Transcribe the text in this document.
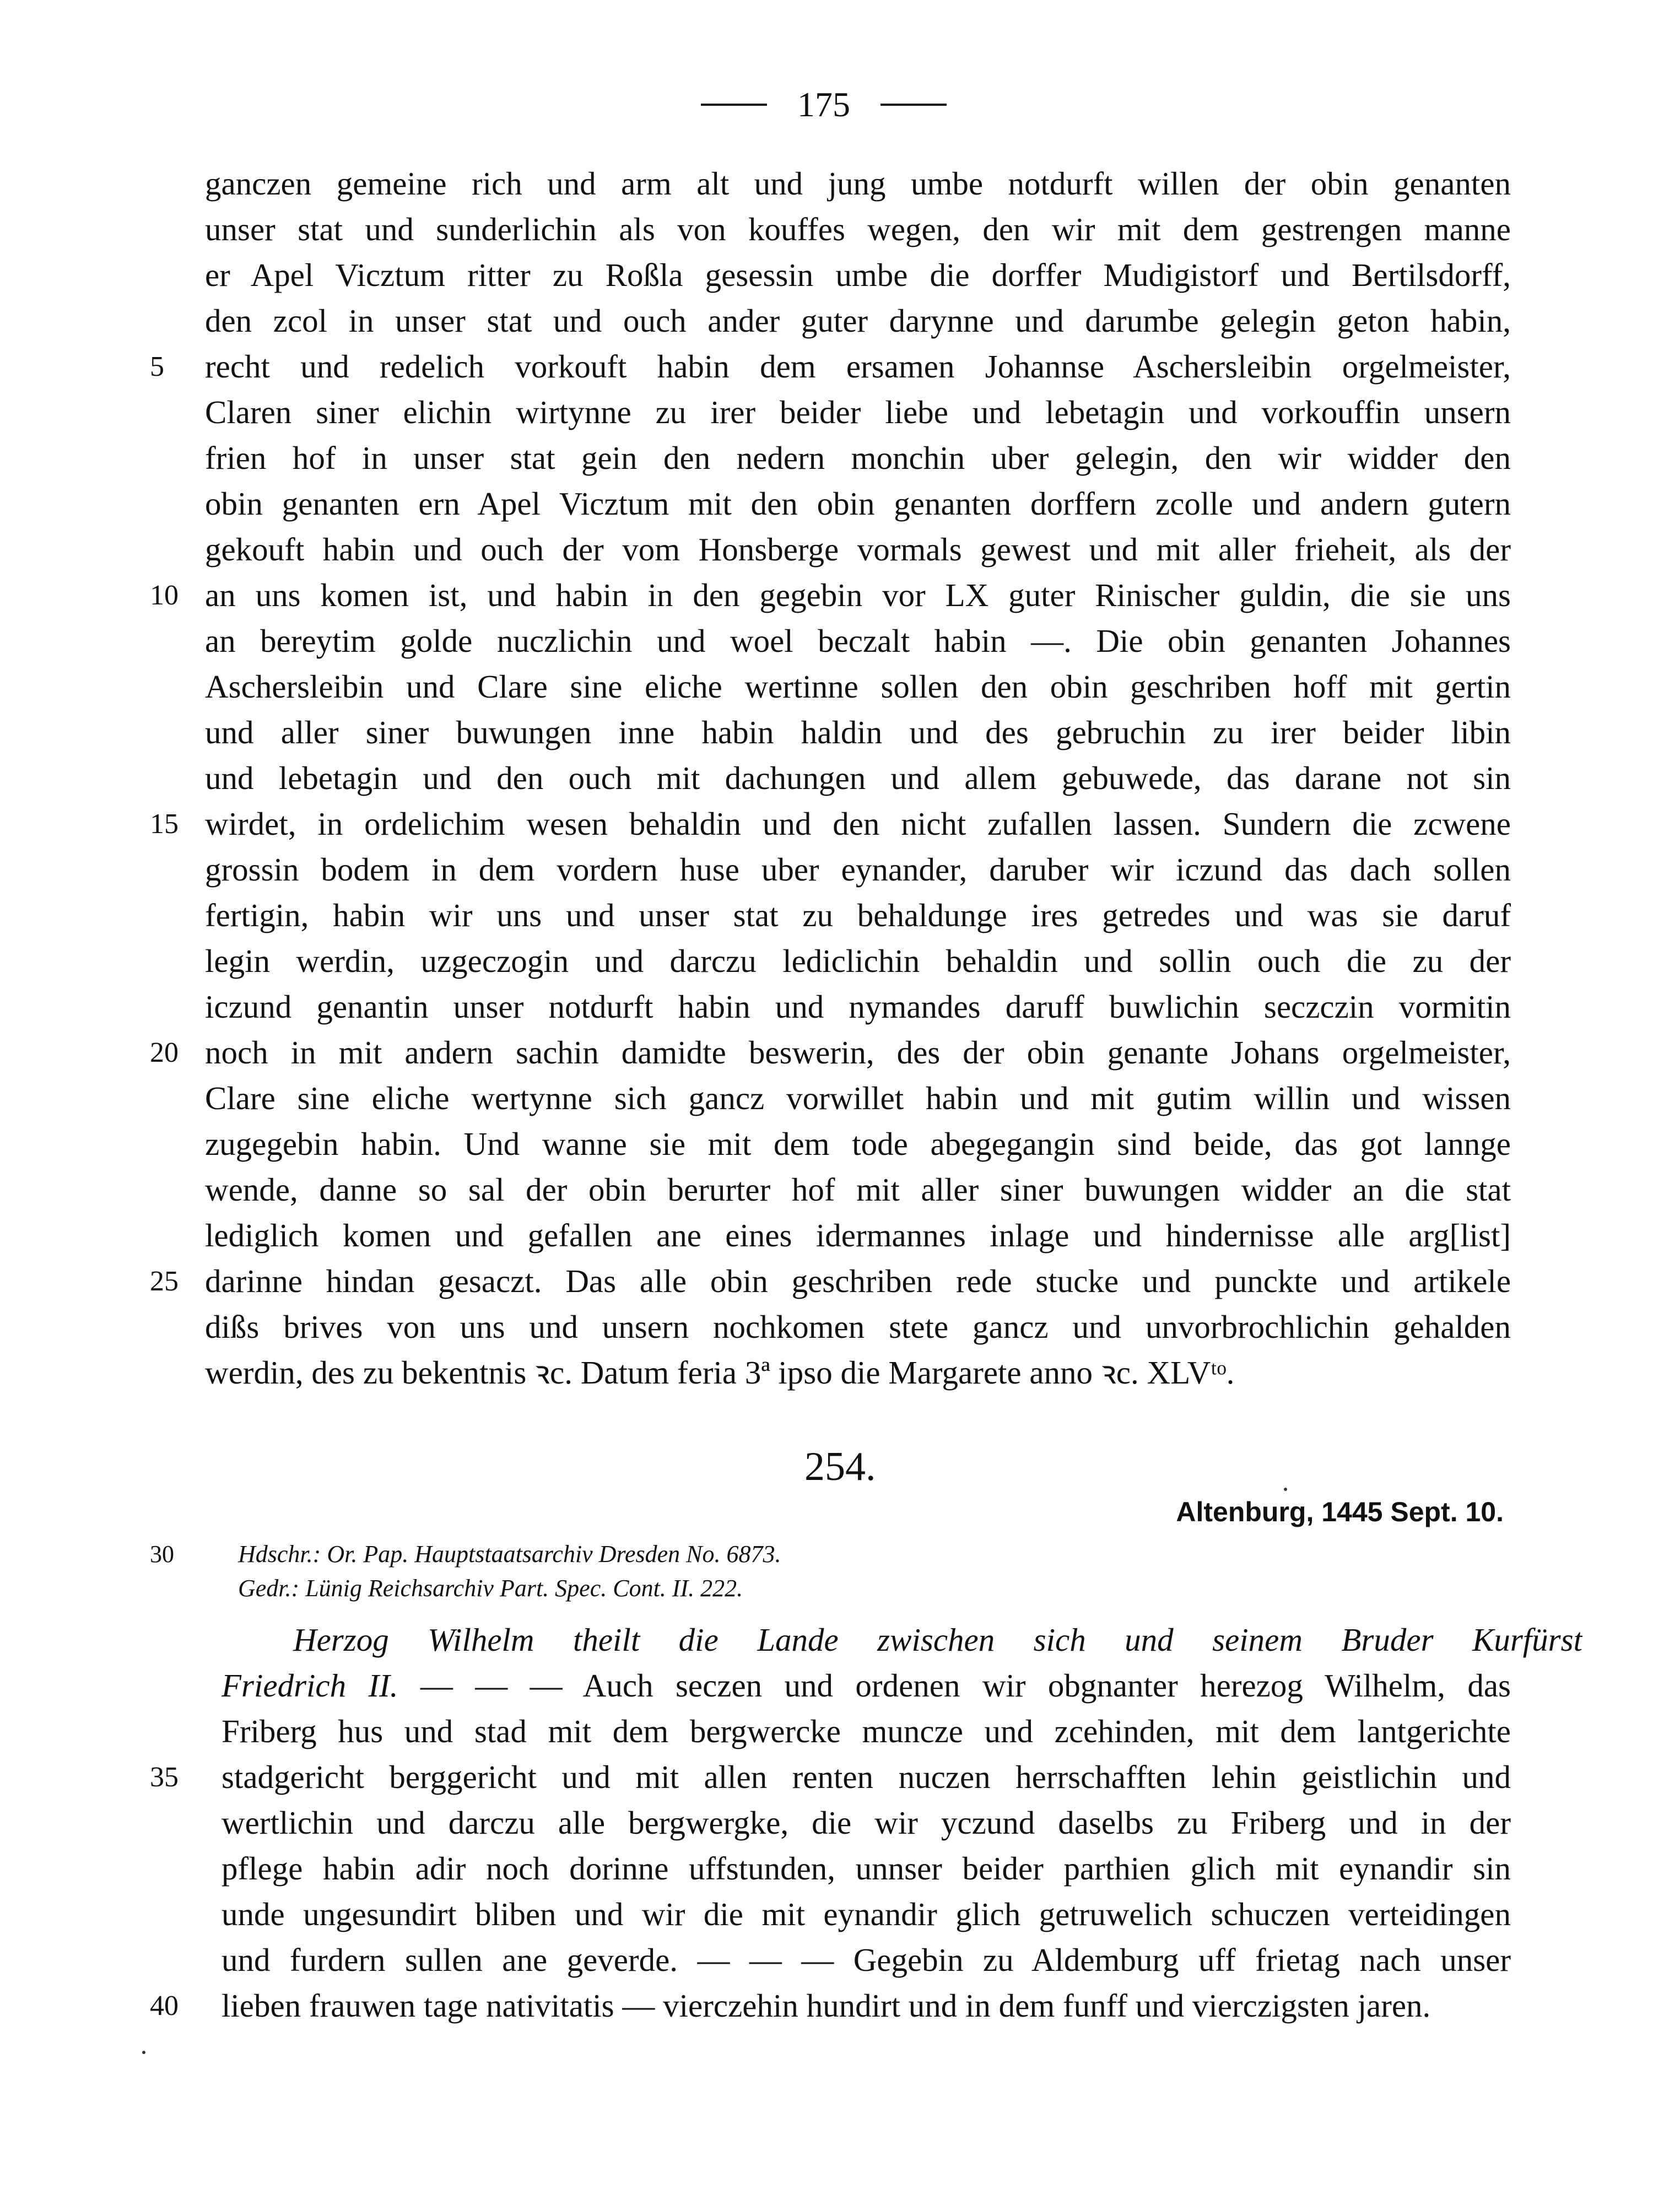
175
ganczen gemeine rich und arm alt und jung umbe notdurft willen der obin genanten
unser stat und sunderlichin als von kouffes wegen, den wir mit dem gestrengen manne
er Apel Vicztum ritter zu Roßla gesessin umbe die dorffer Mudigistorf und Bertilsdorff,
den zcol in unser stat und ouch ander guter darynne und darumbe gelegin geton habin,
5	recht und redelich vorkouft habin dem ersamen Johannse Aschersleibin orgelmeister,
Claren siner elichin wirtynne zu irer beider liebe und lebetagin und vorkouffin unsern
frien hof in unser stat gein den nedern monchin uber gelegin, den wir widder den
obin genanten ern Apel Vicztum mit den obin genanten dorffern zcolle und andern gutern
gekouft habin und ouch der vom Honsberge vormals gewest und mit aller frieheit, als der
10 an uns komen ist, und habin in den gegebin vor LX guter Rinischer guldin, die sie uns
an bereytim golde nuczlichin und woel beczalt habin —. Die obin genanten Johannes
Aschersleibin und Clare sine eliche wertinne sollen den obin geschriben hoff mit gertin
und aller siner buwungen inne habin haldin und des gebruchin zu irer beider libin
und lebetagin und den ouch mit dachungen und allem gebuwede, das darane not sin
15 wirdet, in ordelichim wesen behaldin und den nicht zufallen lassen. Sundern die zcwene
grossin bodem in dem vordern huse uber eynander, daruber wir iczund das dach sollen
fertigin, habin wir uns und unser stat zu behaldunge ires getredes und was sie daruf
legin werdin, uzgeczogin und darczu lediclichin behaldin und sollin ouch die zu der
iczund genantin unser notdurft habin und nymandes daruff buwlichin seczczin vormitin
20 noch in mit andern sachin damidte beswerin, des der obin genante Johans orgelmeister,
Clare sine eliche wertynne sich gancz vorwillet habin und mit gutim willin und wissen
zugegebin habin. Und wanne sie mit dem tode abegegangin sind beide, das got lannge
wende, danne so sal der obin berurter hof mit aller siner buwungen widder an die stat
lediglich komen und gefallen ane eines idermannes inlage und hindernisse alle arg[list]
25 darinne hindan gesaczt. Das alle obin geschriben rede stucke und punckte und artikele
dißs brives von uns und unsern nochkomen stete gancz und unvorbrochlichin gehalden
werdin, des zu bekentnis ꝛc. Datum feria 3ª ipso die Margarete anno ꝛc. XLVᵗᵒ.
254.
Altenburg, 1445 Sept. 10.
30	Hdschr.: Or. Pap. Hauptstaatsarchiv Dresden No. 6873.
Gedr.: Lünig Reichsarchiv Part. Spec. Cont. II. 222.
Herzog Wilhelm theilt die Lande zwischen sich und seinem Bruder Kurfürst
Friedrich II. — — — Auch seczen und ordenen wir obgnanter herezog Wilhelm, das
Friberg hus und stad mit dem bergwercke muncze und zcehinden, mit dem lantgerichte
35	stadgericht berggericht und mit allen renten nuczen herrschafften lehin geistlichin und
wertlichin und darczu alle bergwergke, die wir yczund daselbs zu Friberg und in der
pflege habin adir noch dorinne uffstunden, unnser beider parthien glich mit eynandir sin
unde ungesundirt bliben und wir die mit eynandir glich getruwelich schuczen verteidingen
und furdern sullen ane geverde. — — — Gegebin zu Aldemburg uff frietag nach unser
40	lieben frauwen tage nativitatis — vierczehin hundirt und in dem funff und vierczigsten jaren.
